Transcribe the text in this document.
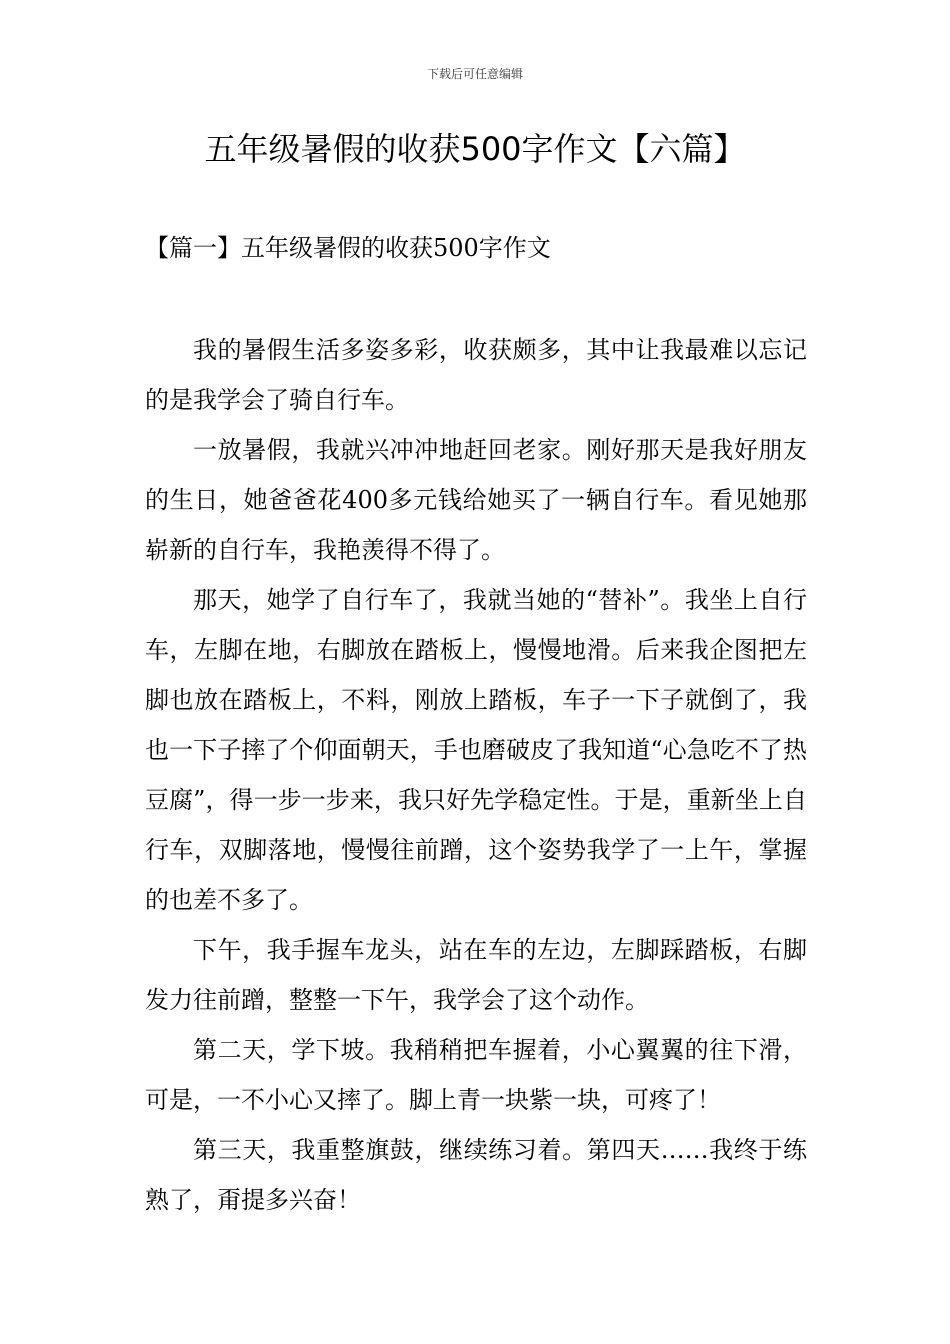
下载后可任意编辑
五年级暑假的收获500字作文【六篇】
【篇一】五年级暑假的收获500字作文

我的暑假生活多姿多彩，收获颇多，其中让我最难以忘记的是我学会了骑自行车。

一放暑假，我就兴冲冲地赶回老家。刚好那天是我好朋友的生日，她爸爸花400多元钱给她买了一辆自行车。看见她那崭新的自行车，我艳羡得不得了。

那天，她学了自行车了，我就当她的“替补”。我坐上自行车，左脚在地，右脚放在踏板上，慢慢地滑。后来我企图把左脚也放在踏板上，不料，刚放上踏板，车子一下子就倒了，我也一下子摔了个仰面朝天，手也磨破皮了我知道“心急吃不了热豆腐”，得一步一步来，我只好先学稳定性。于是，重新坐上自行车，双脚落地，慢慢往前蹭，这个姿势我学了一上午，掌握的也差不多了。

下午，我手握车龙头，站在车的左边，左脚踩踏板，右脚发力往前蹭，整整一下午，我学会了这个动作。

第二天，学下坡。我稍稍把车握着，小心翼翼的往下滑，可是，一不小心又摔了。脚上青一块紫一块，可疼了！

第三天，我重整旗鼓，继续练习着。第四天……我终于练熟了，甭提多兴奋！
